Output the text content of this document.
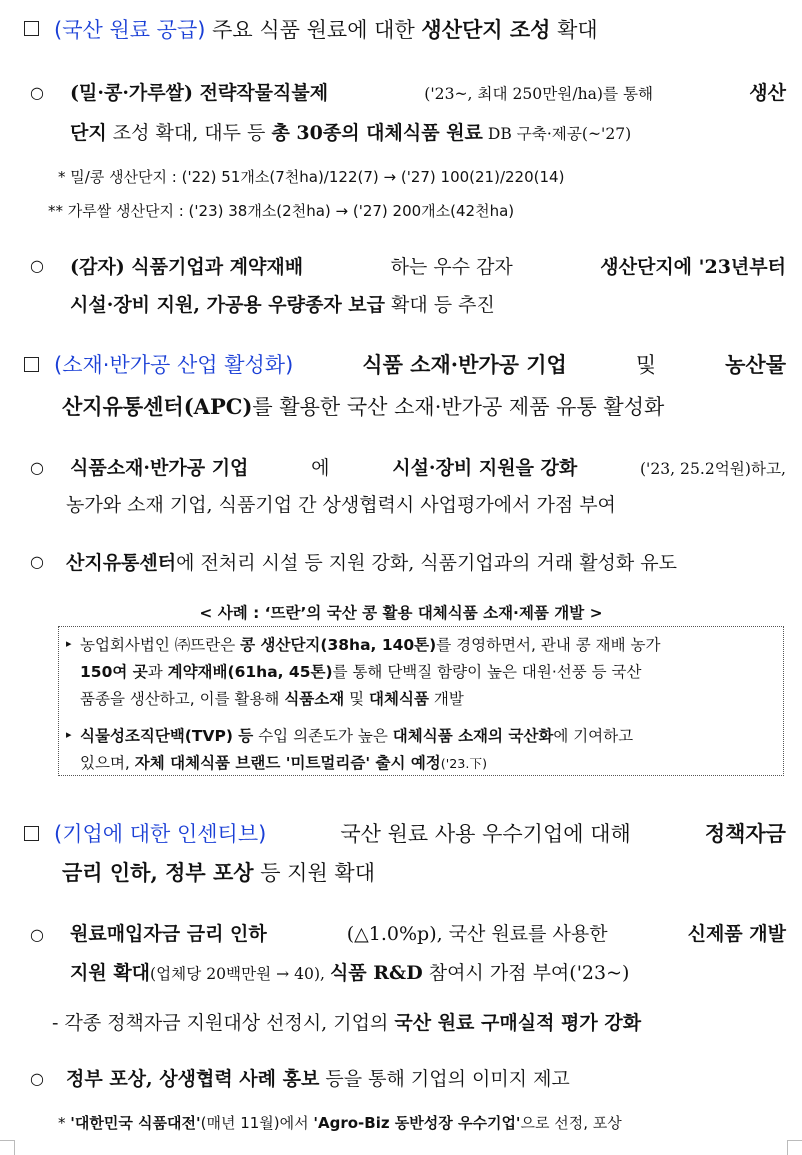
(국산 원료 공급) 주요 식품 원료에 대한 생산단지 조성 확대
○ (밀·콩·가루쌀) 전략작물직불제	('23~, 최대 250만원/ha)를 통해	생산
단지 조성 확대, 대두 등 총 30종의 대체식품 원료 DB 구축·제공(~'27)
* 밀/콩 생산단지 : ('22) 51개소(7천ha)/122(7) → ('27) 100(21)/220(14)
** 가루쌀 생산단지 : ('23) 38개소(2천ha) → ('27) 200개소(42천ha)
○ (감자) 식품기업과 계약재배	하는 우수 감자	생산단지에 '23년부터
시설·장비 지원, 가공용 우량종자 보급 확대 등 추진
(소재·반가공 산업 활성화)	식품 소재·반가공 기업	및	농산물
산지유통센터(APC)를 활용한 국산 소재·반가공 제품 유통 활성화
○ 식품소재·반가공 기업	에	시설·장비 지원을 강화	('23, 25.2억원)하고,
농가와 소재 기업, 식품기업 간 상생협력시 사업평가에서 가점 부여
○ 산지유통센터에 전처리 시설 등 지원 강화, 식품기업과의 거래 활성화 유도
< 사례 : ‘뜨란’의 국산 콩 활용 대체식품 소재·제품 개발 >
▸ 농업회사법인 ㈜뜨란은 콩 생산단지(38ha, 140톤)를 경영하면서, 관내 콩 재배 농가
150여 곳과 계약재배(61ha, 45톤)를 통해 단백질 함량이 높은 대원·선풍 등 국산
품종을 생산하고, 이를 활용해 식품소재 및 대체식품 개발
▸ 식물성조직단백(TVP) 등 수입 의존도가 높은 대체식품 소재의 국산화에 기여하고
있으며, 자체 대체식품 브랜드 '미트멀리즘' 출시 예정('23.下)
(기업에 대한 인센티브)	국산 원료 사용 우수기업에 대해	정책자금
금리 인하, 정부 포상 등 지원 확대
○ 원료매입자금 금리 인하	(△1.0%p), 국산 원료를 사용한	신제품 개발
지원 확대(업체당 20백만원 → 40), 식품 R&D 참여시 가점 부여('23~)
- 각종 정책자금 지원대상 선정시, 기업의 국산 원료 구매실적 평가 강화
○ 정부 포상, 상생협력 사례 홍보 등을 통해 기업의 이미지 제고
* '대한민국 식품대전'(매년 11월)에서 'Agro-Biz 동반성장 우수기업'으로 선정, 포상
